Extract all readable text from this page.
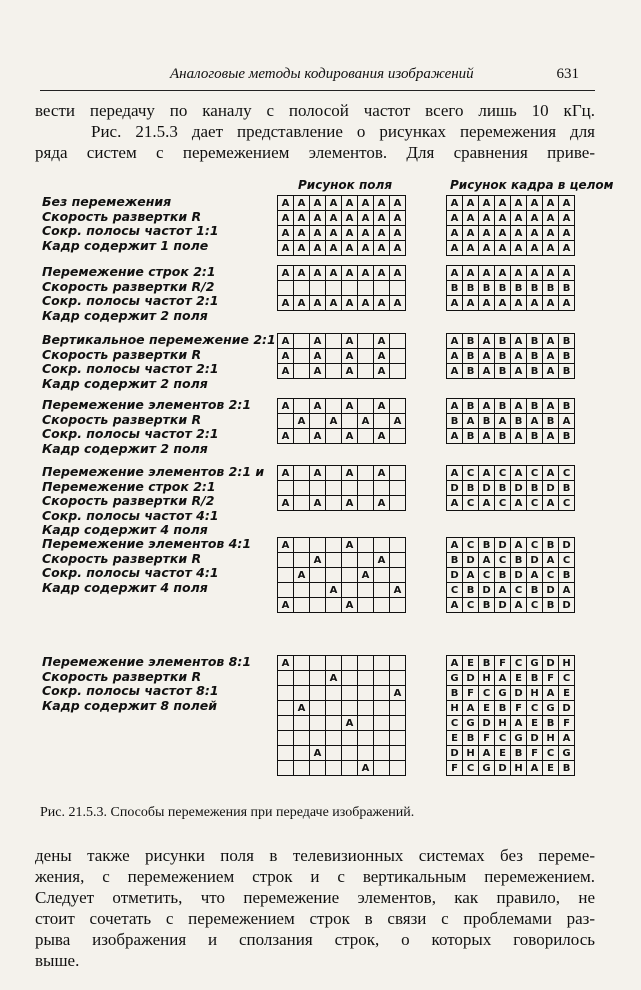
Аналоговые методы кодирования изображений	631
вести передачу по каналу с полосой частот всего лишь 10 кГц.
Рис. 21.5.3 дает представление о рисунках перемежения для
ряда систем с перемежением элементов. Для сравнения приве-
Рисунок поля	Рисунок кадра в целом
Без перемежения
Скорость развертки R
Сокр. полосы частот 1:1
Кадр содержит 1 поле
A	A	A	A	A	A	A	A
A	A	A	A	A	A	A	A
A	A	A	A	A	A	A	A
A	A	A	A	A	A	A	A
A	A	A	A	A	A	A	A
A	A	A	A	A	A	A	A
A	A	A	A	A	A	A	A
A	A	A	A	A	A	A	A
Перемежение строк 2:1
Скорость развертки R/2
Сокр. полосы частот 2:1
Кадр содержит 2 поля
A	A	A	A	A	A	A	A

A	A	A	A	A	A	A	A
A	A	A	A	A	A	A	A
B	B	B	B	B	B	B	B
A	A	A	A	A	A	A	A
Вертикальное перемежение 2:1
Скорость развертки R
Сокр. полосы частот 2:1
Кадр содержит 2 поля
A		A		A		A	
A		A		A		A	
A		A		A		A	
A	B	A	B	A	B	A	B
A	B	A	B	A	B	A	B
A	B	A	B	A	B	A	B
Перемежение элементов 2:1
Скорость развертки R
Сокр. полосы частот 2:1
Кадр содержит 2 поля
A		A		A		A	
	A		A		A		A
A		A		A		A	
A	B	A	B	A	B	A	B
B	A	B	A	B	A	B	A
A	B	A	B	A	B	A	B
Перемежение элементов 2:1 и
Перемежение строк 2:1
Скорость развертки R/2
Сокр. полосы частот 4:1
Кадр содержит 4 поля
A		A		A		A	

A		A		A		A	
A	C	A	C	A	C	A	C
D	B	D	B	D	B	D	B
A	C	A	C	A	C	A	C
Перемежение элементов 4:1
Скорость развертки R
Сокр. полосы частот 4:1
Кадр содержит 4 поля
A				A			
		A				A	
	A				A		
			A				A
A				A			
A	C	B	D	A	C	B	D
B	D	A	C	B	D	A	C
D	A	C	B	D	A	C	B
C	B	D	A	C	B	D	A
A	C	B	D	A	C	B	D
Перемежение элементов 8:1
Скорость развертки R
Сокр. полосы частот 8:1
Кадр содержит 8 полей
A							
			A				
							A
	A						
				A			

		A					
					A		
A	E	B	F	C	G	D	H
G	D	H	A	E	B	F	C
B	F	C	G	D	H	A	E
H	A	E	B	F	C	G	D
C	G	D	H	A	E	B	F
E	B	F	C	G	D	H	A
D	H	A	E	B	F	C	G
F	C	G	D	H	A	E	B
Рис. 21.5.3. Способы перемежения при передаче изображений.
дены также рисунки поля в телевизионных системах без переме-
жения, с перемежением строк и с вертикальным перемежением.
Следует отметить, что перемежение элементов, как правило, не
стоит сочетать с перемежением строк в связи с проблемами раз-
рыва изображения и сползания строк, о которых говорилось
выше.
